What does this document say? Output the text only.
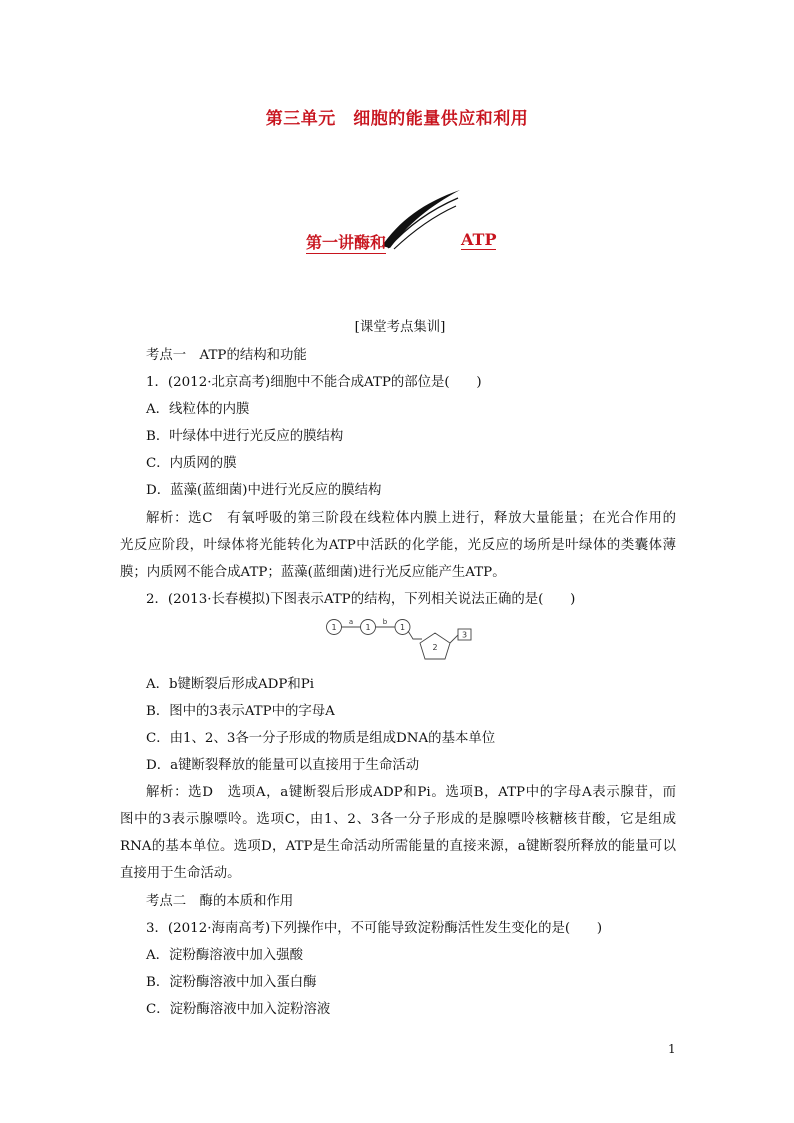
第三单元　细胞的能量供应和利用
第一讲酶和	ATP
[课堂考点集训]
考点一　ATP的结构和功能
1．(2012·北京高考)细胞中不能合成ATP的部位是(　　)
A．线粒体的内膜
B．叶绿体中进行光反应的膜结构
C．内质网的膜
D．蓝藻(蓝细菌)中进行光反应的膜结构
解析：选C　有氧呼吸的第三阶段在线粒体内膜上进行，释放大量能量；在光合作用的
光反应阶段，叶绿体将光能转化为ATP中活跃的化学能，光反应的场所是叶绿体的类囊体薄
膜；内质网不能合成ATP；蓝藻(蓝细菌)进行光反应能产生ATP。
2．(2013·长春模拟)下图表示ATP的结构，下列相关说法正确的是(　　)
A．b键断裂后形成ADP和Pi
B．图中的3表示ATP中的字母A
C．由1、2、3各一分子形成的物质是组成DNA的基本单位
D．a键断裂释放的能量可以直接用于生命活动
解析：选D　选项A，a键断裂后形成ADP和Pi。选项B，ATP中的字母A表示腺苷，而
图中的3表示腺嘌呤。选项C，由1、2、3各一分子形成的是腺嘌呤核糖核苷酸，它是组成
RNA的基本单位。选项D，ATP是生命活动所需能量的直接来源，a键断裂所释放的能量可以
直接用于生命活动。
考点二　酶的本质和作用
3．(2012·海南高考)下列操作中，不可能导致淀粉酶活性发生变化的是(　　)
A．淀粉酶溶液中加入强酸
B．淀粉酶溶液中加入蛋白酶
C．淀粉酶溶液中加入淀粉溶液
1
a
1
b
1
2
3
1
